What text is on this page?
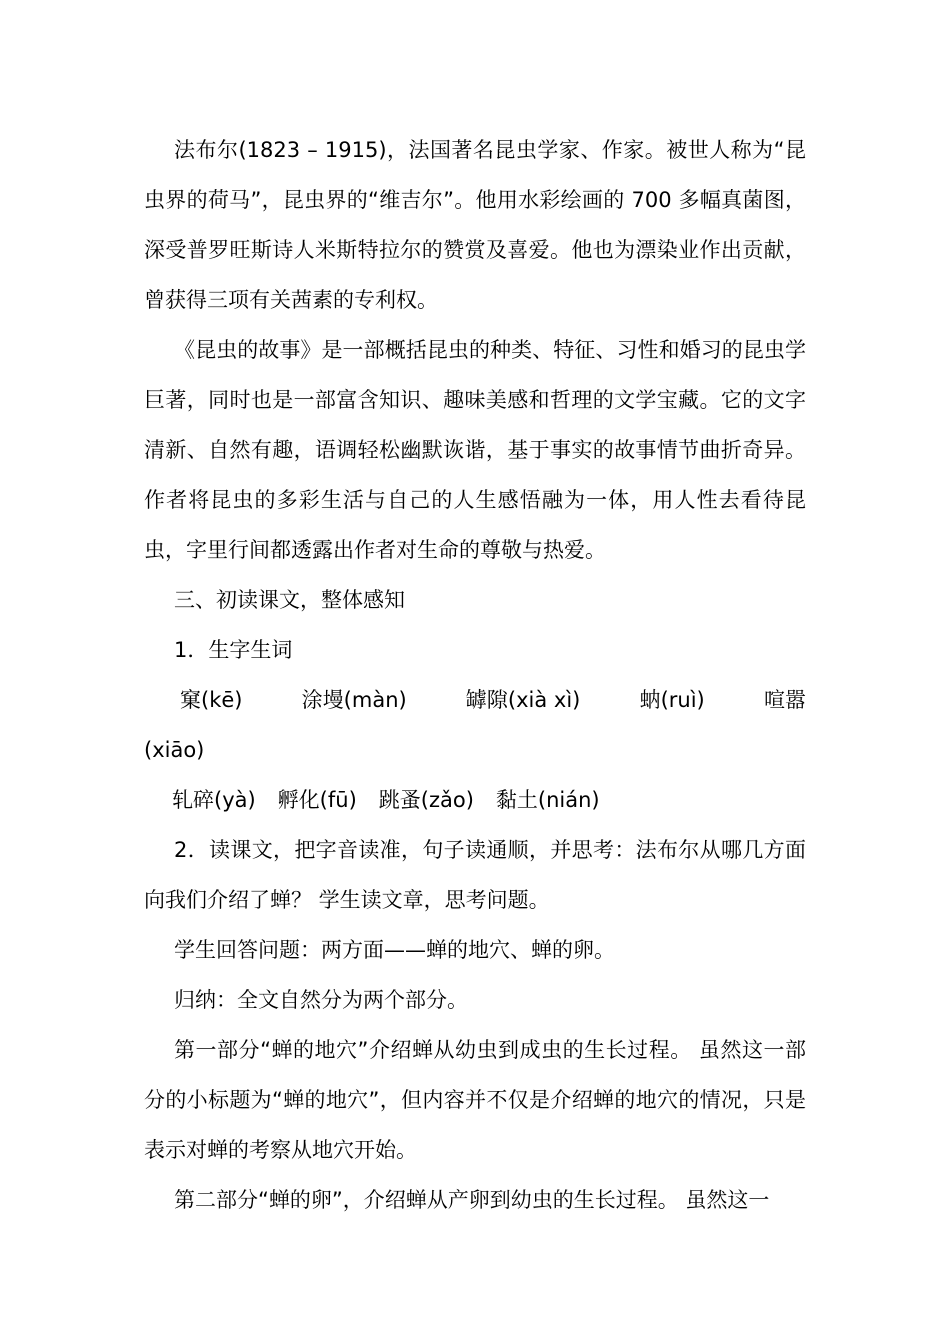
法布尔(1823 – 1915)，法国著名昆虫学家、作家。被世人称为“昆虫界的荷马”，昆虫界的“维吉尔”。他用水彩绘画的 700 多幅真菌图，深受普罗旺斯诗人米斯特拉尔的赞赏及喜爱。他也为漂染业作出贡献，曾获得三项有关茜素的专利权。

《昆虫的故事》是一部概括昆虫的种类、特征、习性和婚习的昆虫学巨著，同时也是一部富含知识、趣味美感和哲理的文学宝藏。它的文字清新、自然有趣，语调轻松幽默诙谐，基于事实的故事情节曲折奇异。作者将昆虫的多彩生活与自己的人生感悟融为一体，用人性去看待昆虫，字里行间都透露出作者对生命的尊敬与热爱。

三、初读课文，整体感知

1．生字生词

窠(kē)	涂墁(màn)	罅隙(xià xì)	蚋(ruì)	喧嚣
(xiāo)
轧碎(yà) 孵化(fū) 跳蚤(zǎo) 黏土(nián)

2．读课文，把字音读准，句子读通顺，并思考：法布尔从哪几方面向我们介绍了蝉？ 学生读文章，思考问题。

学生回答问题：两方面——蝉的地穴、蝉的卵。

归纳：全文自然分为两个部分。

第一部分“蝉的地穴”介绍蝉从幼虫到成虫的生长过程。 虽然这一部分的小标题为“蝉的地穴”，但内容并不仅是介绍蝉的地穴的情况，只是表示对蝉的考察从地穴开始。

第二部分“蝉的卵”，介绍蝉从产卵到幼虫的生长过程。 虽然这一
